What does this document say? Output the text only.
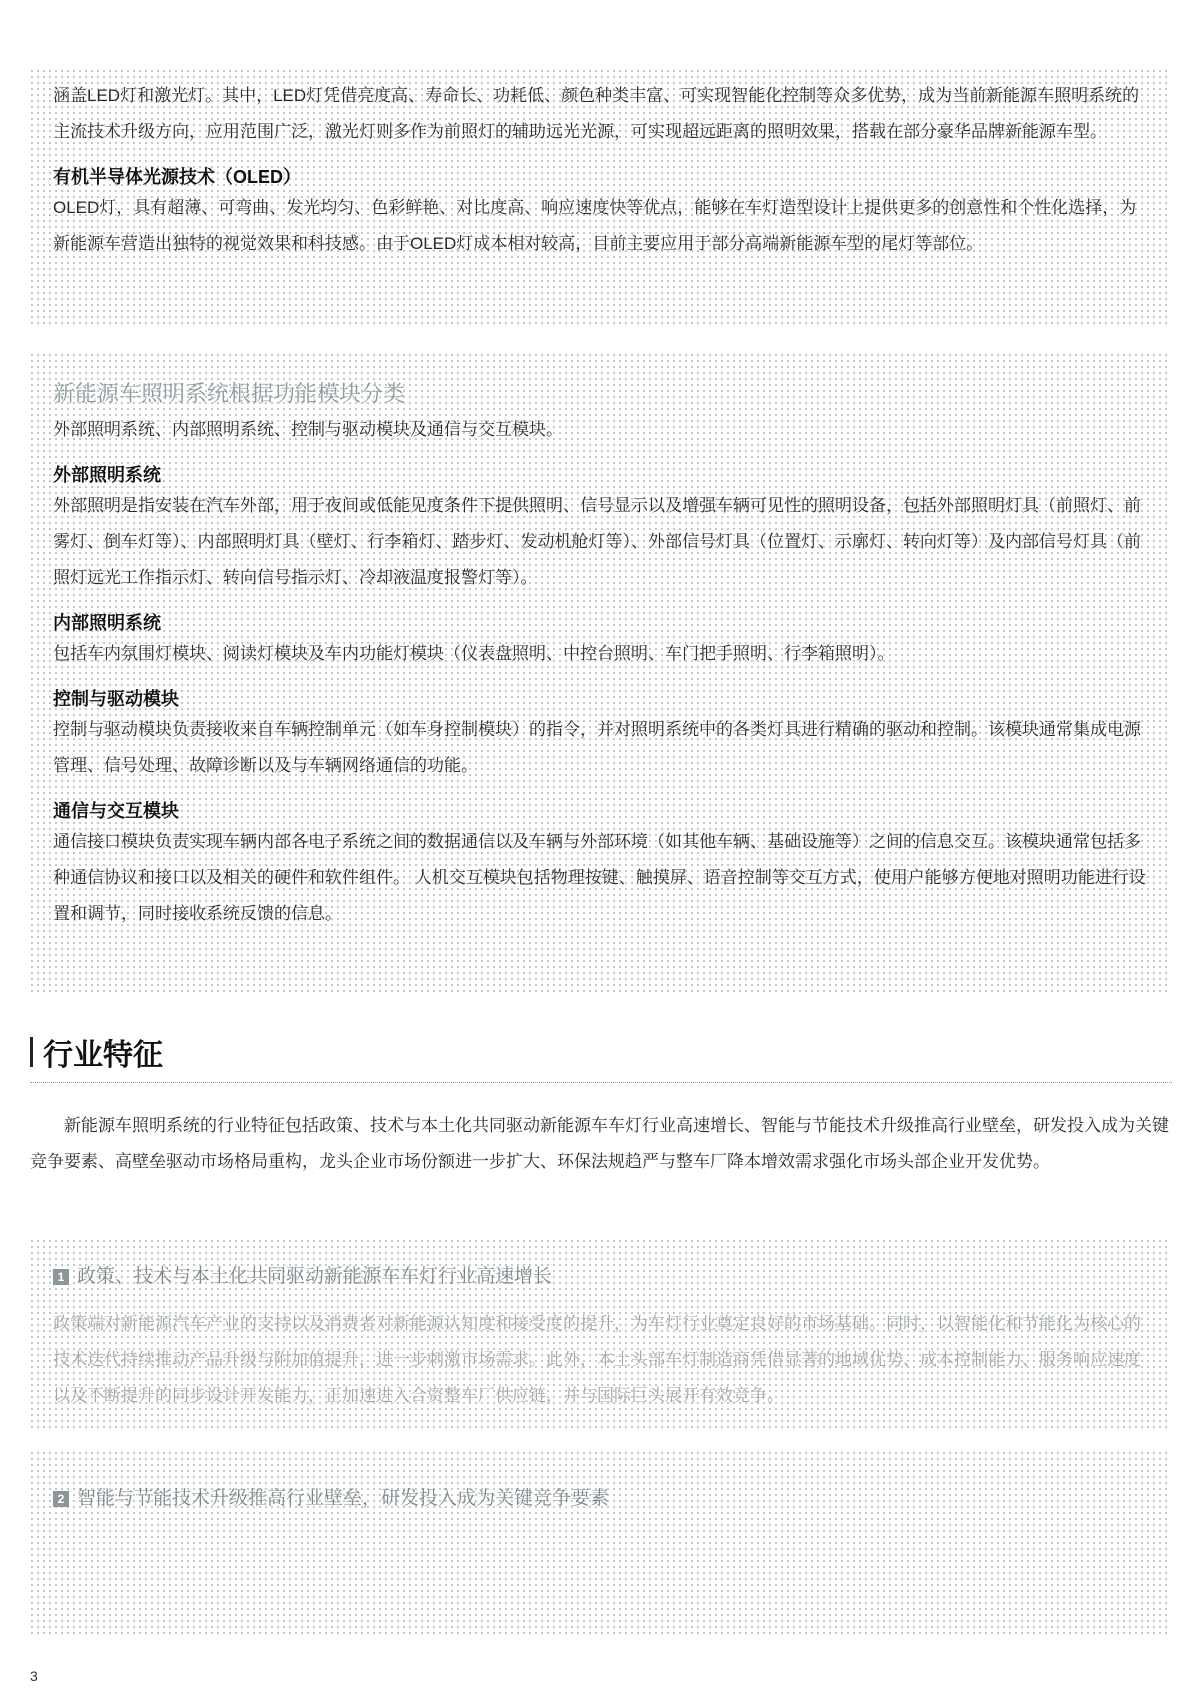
涵盖LED灯和激光灯。其中，LED灯凭借亮度高、寿命长、功耗低、颜色种类丰富、可实现智能化控制等众多优势，成为当前新能源车照明系统的主流技术升级方向，应用范围广泛，激光灯则多作为前照灯的辅助远光光源，可实现超远距离的照明效果，搭载在部分豪华品牌新能源车型。

有机半导体光源技术（OLED）

OLED灯，具有超薄、可弯曲、发光均匀、色彩鲜艳、对比度高、响应速度快等优点，能够在车灯造型设计上提供更多的创意性和个性化选择，为新能源车营造出独特的视觉效果和科技感。由于OLED灯成本相对较高，目前主要应用于部分高端新能源车型的尾灯等部位。

新能源车照明系统根据功能模块分类

外部照明系统、内部照明系统、控制与驱动模块及通信与交互模块。

外部照明系统

外部照明是指安装在汽车外部，用于夜间或低能见度条件下提供照明、信号显示以及增强车辆可见性的照明设备，包括外部照明灯具（前照灯、前雾灯、倒车灯等）、内部照明灯具（壁灯、行李箱灯、踏步灯、发动机舱灯等）、外部信号灯具（位置灯、示廓灯、转向灯等）及内部信号灯具（前照灯远光工作指示灯、转向信号指示灯、冷却液温度报警灯等）。

内部照明系统

包括车内氛围灯模块、阅读灯模块及车内功能灯模块（仪表盘照明、中控台照明、车门把手照明、行李箱照明）。

控制与驱动模块

控制与驱动模块负责接收来自车辆控制单元（如车身控制模块）的指令，并对照明系统中的各类灯具进行精确的驱动和控制。该模块通常集成电源管理、信号处理、故障诊断以及与车辆网络通信的功能。

通信与交互模块

通信接口模块负责实现车辆内部各电子系统之间的数据通信以及车辆与外部环境（如其他车辆、基础设施等）之间的信息交互。该模块通常包括多种通信协议和接口以及相关的硬件和软件组件。 人机交互模块包括物理按键、触摸屏、语音控制等交互方式，使用户能够方便地对照明功能进行设置和调节，同时接收系统反馈的信息。

行业特征

新能源车照明系统的行业特征包括政策、技术与本土化共同驱动新能源车车灯行业高速增长、智能与节能技术升级推高行业壁垒，研发投入成为关键竞争要素、高壁垒驱动市场格局重构，龙头企业市场份额进一步扩大、环保法规趋严与整车厂降本增效需求强化市场头部企业开发优势。

1 政策、技术与本土化共同驱动新能源车车灯行业高速增长

政策端对新能源汽车产业的支持以及消费者对新能源认知度和接受度的提升，为车灯行业奠定良好的市场基础。同时，以智能化和节能化为核心的技术迭代持续推动产品升级与附加值提升，进一步刺激市场需求。此外，本土头部车灯制造商凭借显著的地域优势、成本控制能力、服务响应速度以及不断提升的同步设计开发能力，正加速进入合资整车厂供应链，并与国际巨头展开有效竞争。

2 智能与节能技术升级推高行业壁垒，研发投入成为关键竞争要素
3
